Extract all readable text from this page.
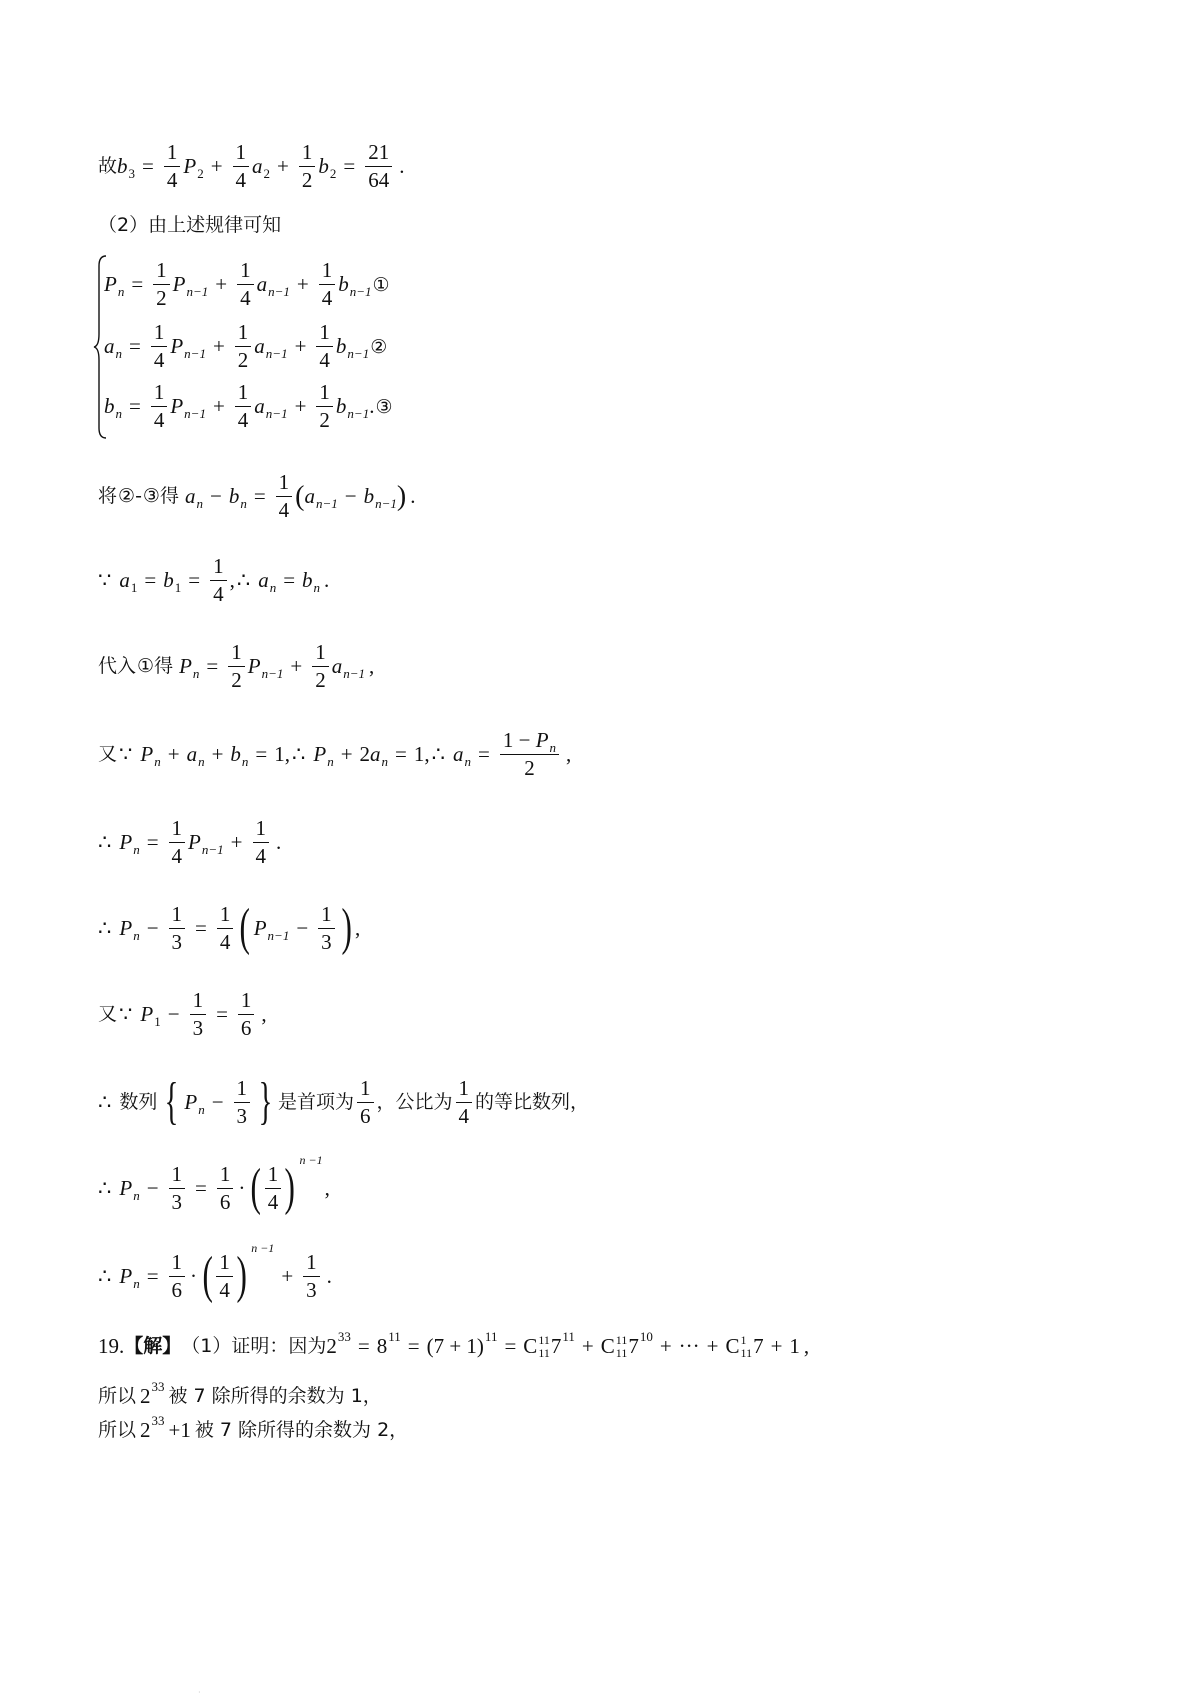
故 b $3 = \frac{1}{4}$ P $2 + \frac{1}{4}$ a $2 + \frac{1}{2}$ b $2 = \frac{21}{64}$ .
（2）由上述规律可知
P $n = \frac{1}{2}$ P $n-1 + \frac{1}{4}$ a $n-1 + \frac{1}{4}$ b n−1 ①
a $n = \frac{1}{4}$ P $n-1 + \frac{1}{2}$ a $n-1 + \frac{1}{4}$ b n−1 ②
b $n = \frac{1}{4}$ P $n-1 + \frac{1}{4}$ a $n-1 + \frac{1}{2}$ b n−1 . ③
将 ② - ③ 得 a n − b $n = \frac{1}{4}$ ( a n−1 − b n−1 ) .
∵ a 1 = b $1 = \frac{1}{4}$ , ∴ a n = b n .
代入 ① 得 P $n = \frac{1}{2}$ P $n-1 + \frac{1}{2}$ a n−1 ,
又 ∵ P n + a n + b n = 1, ∴ P n + 2 a n = 1, ∴ a $n = \frac{1 - P_n}{2}$ ,
∴ P $n = \frac{1}{4}$ P $n-1 + \frac{1}{4}$ .
∴ P $n - \frac{1}{3} = \frac{1}{4}$ ( P $n-1 - \frac{1}{3}$ ) ,
又 ∵ P $1 - \frac{1}{3} = \frac{1}{6}$ ,
∴ 数列 { P $n - \frac{1}{3}$ } 是首项为 $\frac{1}{6}$ ，公比为 $\frac{1}{4}$ 的等比数列，
∴ P $n - \frac{1}{3} = \frac{1}{6}$ · ( $\frac{1}{4}$ ) n −1
,
∴ P $n = \frac{1}{6}$ · ( $\frac{1}{4}$ ) n −1
+ $\frac{1}{3}$ .
19. 【解】 （1）证明：因为 2 33 = 8 11 = (7 + 1) 11 = C 11
11 7 11 + C 11
11 7 10 + ··· + C 1
11 7 + 1 ,
所以 2 33 被 7 除所得的余数为 1，
所以 2 33 +1 被 7 除所得的余数为 2，
·
